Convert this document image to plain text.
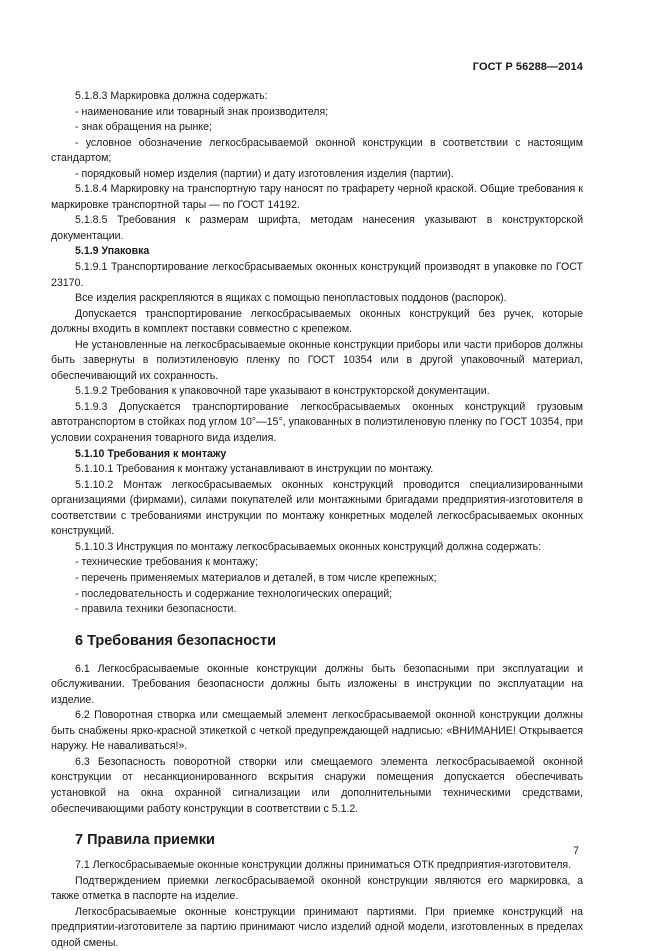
ГОСТ Р 56288—2014

5.1.8.3 Маркировка должна содержать:

- наименование или товарный знак производителя;

- знак обращения на рынке;

- условное обозначение легкосбрасываемой оконной конструкции в соответствии с настоящим стандартом;

- порядковый номер изделия (партии) и дату изготовления изделия (партии).

5.1.8.4 Маркировку на транспортную тару наносят по трафарету черной краской. Общие требования к маркировке транспортной тары — по ГОСТ 14192.

5.1.8.5 Требования к размерам шрифта, методам нанесения указывают в конструкторской документации.

5.1.9 Упаковка

5.1.9.1 Транспортирование легкосбрасываемых оконных конструкций производят в упаковке по ГОСТ 23170.

Все изделия раскрепляются в ящиках с помощью пенопластовых поддонов (распорок).

Допускается транспортирование легкосбрасываемых оконных конструкций без ручек, которые должны входить в комплект поставки совместно с крепежом.

Не установленные на легкосбрасываемые оконные конструкции приборы или части приборов должны быть завернуты в полиэтиленовую пленку по ГОСТ 10354 или в другой упаковочный материал, обеспечивающий их сохранность.

5.1.9.2 Требования к упаковочной таре указывают в конструкторской документации.

5.1.9.3 Допускается транспортирование легкосбрасываемых оконных конструкций грузовым автотранспортом в стойках под углом 10°—15°, упакованных в полиэтиленовую пленку по ГОСТ 10354, при условии сохранения товарного вида изделия.

5.1.10 Требования к монтажу

5.1.10.1 Требования к монтажу устанавливают в инструкции по монтажу.

5.1.10.2 Монтаж легкосбрасываемых оконных конструкций проводится специализированными организациями (фирмами), силами покупателей или монтажными бригадами предприятия-изготовителя в соответствии с требованиями инструкции по монтажу конкретных моделей легкосбрасываемых оконных конструкций.

5.1.10.3 Инструкция по монтажу легкосбрасываемых оконных конструкций должна содержать:

- технические требования к монтажу;

- перечень применяемых материалов и деталей, в том числе крепежных;

- последовательность и содержание технологических операций;

- правила техники безопасности.

6 Требования безопасности

6.1 Легкосбрасываемые оконные конструкции должны быть безопасными при эксплуатации и обслуживании. Требования безопасности должны быть изложены в инструкции по эксплуатации на изделие.

6.2 Поворотная створка или смещаемый элемент легкосбрасываемой оконной конструкции должны быть снабжены ярко-красной этикеткой с четкой предупреждающей надписью: «ВНИМАНИЕ! Открывается наружу. Не наваливаться!».

6.3 Безопасность поворотной створки или смещаемого элемента легкосбрасываемой оконной конструкции от несанкционированного вскрытия снаружи помещения допускается обеспечивать установкой на окна охранной сигнализации или дополнительными техническими средствами, обеспечивающими работу конструкции в соответствии с 5.1.2.

7 Правила приемки

7.1 Легкосбрасываемые оконные конструкции должны приниматься ОТК предприятия-изготовителя.

Подтверждением приемки легкосбрасываемой оконной конструкции являются его маркировка, а также отметка в паспорте на изделие.

Легкосбрасываемые оконные конструкции принимают партиями. При приемке конструкций на предприятии-изготовителе за партию принимают число изделий одной модели, изготовленных в пределах одной смены.

7
